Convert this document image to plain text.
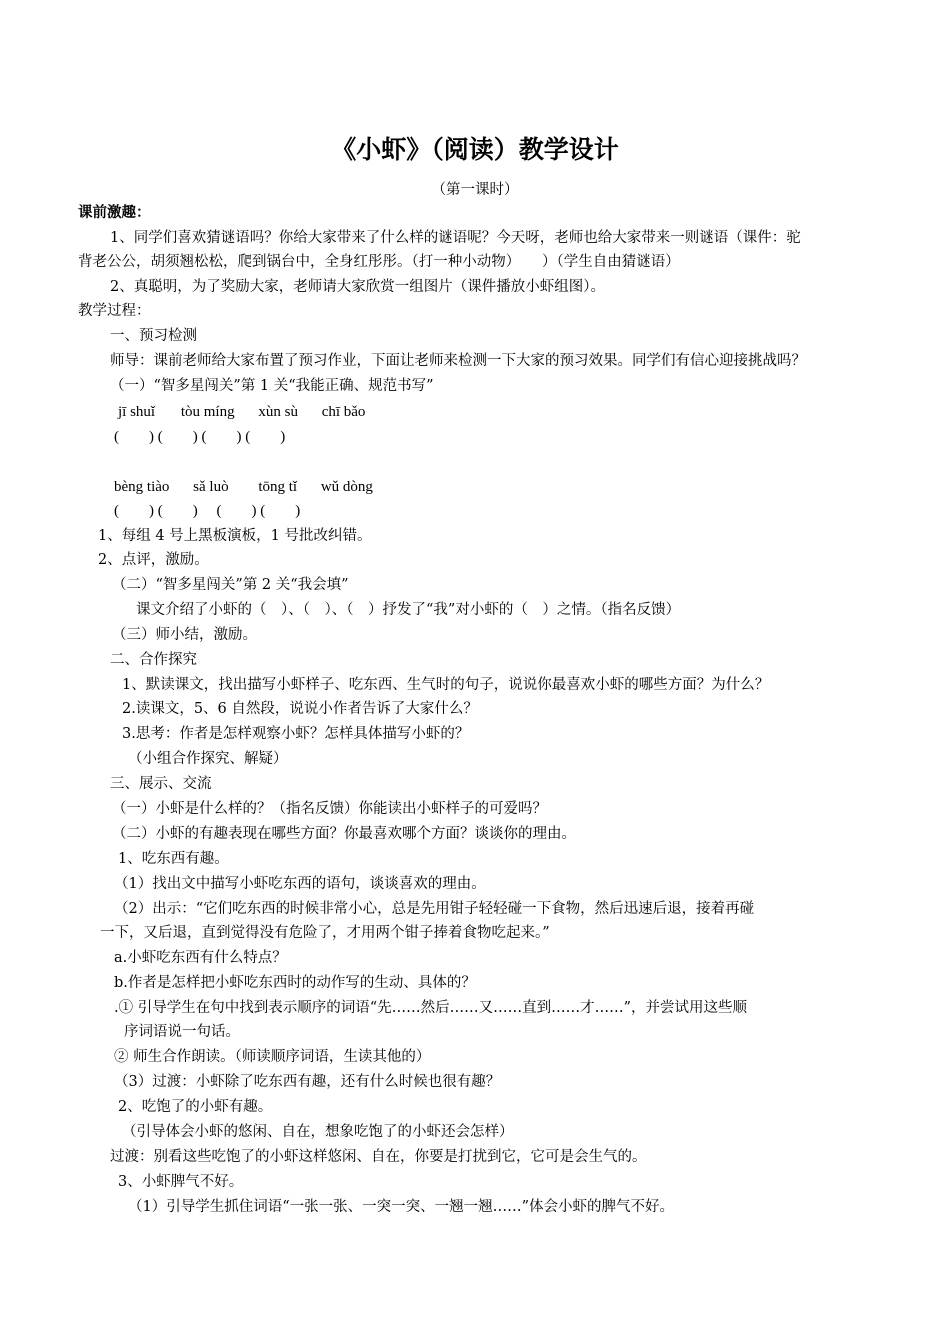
《小虾》（阅读）教学设计
（第一课时）
课前激趣：
1、同学们喜欢猜谜语吗？你给大家带来了什么样的谜语呢？今天呀，老师也给大家带来一则谜语（课件：驼
背老公公，胡须翘松松，爬到锅台中，全身红彤彤。（打一种小动物）　　）（学生自由猜谜语）
2、真聪明，为了奖励大家，老师请大家欣赏一组图片（课件播放小虾组图）。
教学过程：
一、预习检测
师导：课前老师给大家布置了预习作业，下面让老师来检测一下大家的预习效果。同学们有信心迎接挑战吗？
（一）“智多星闯关”第 1 关“我能正确、规范书写”
jī shuǐ tòu míng xùn sù chī bǎo
(　　) (　　) (　　) (　　)
bèng tiào sǎ luò tōng tǐ wǔ dòng
(　　) (　　)　 (　　) (　　)
1、每组 4 号上黑板演板，1 号批改纠错。
2、点评，激励。
（二）“智多星闯关”第 2 关“我会填”
课文介绍了小虾的（　）、（　）、（　）抒发了“我”对小虾的（　）之情。（指名反馈）
（三）师小结，激励。
二、合作探究
1、默读课文，找出描写小虾样子、吃东西、生气时的句子，说说你最喜欢小虾的哪些方面？为什么？
2.读课文，5、6 自然段，说说小作者告诉了大家什么？
3.思考：作者是怎样观察小虾？怎样具体描写小虾的？
（小组合作探究、解疑）
三、展示、交流
（一）小虾是什么样的？（指名反馈）你能读出小虾样子的可爱吗？
（二）小虾的有趣表现在哪些方面？你最喜欢哪个方面？谈谈你的理由。
1、吃东西有趣。
（1）找出文中描写小虾吃东西的语句，谈谈喜欢的理由。
（2）出示：“它们吃东西的时候非常小心，总是先用钳子轻轻碰一下食物，然后迅速后退，接着再碰
一下，又后退，直到觉得没有危险了，才用两个钳子捧着食物吃起来。”
a.小虾吃东西有什么特点？
b.作者是怎样把小虾吃东西时的动作写的生动、具体的？
.① 引导学生在句中找到表示顺序的词语“先……然后……又……直到……才……”，并尝试用这些顺
序词语说一句话。
② 师生合作朗读。（师读顺序词语，生读其他的）
（3）过渡：小虾除了吃东西有趣，还有什么时候也很有趣？
2、吃饱了的小虾有趣。
（引导体会小虾的悠闲、自在，想象吃饱了的小虾还会怎样）
过渡：别看这些吃饱了的小虾这样悠闲、自在，你要是打扰到它，它可是会生气的。
3、小虾脾气不好。
（1）引导学生抓住词语“一张一张、一突一突、一翘一翘……”体会小虾的脾气不好。
